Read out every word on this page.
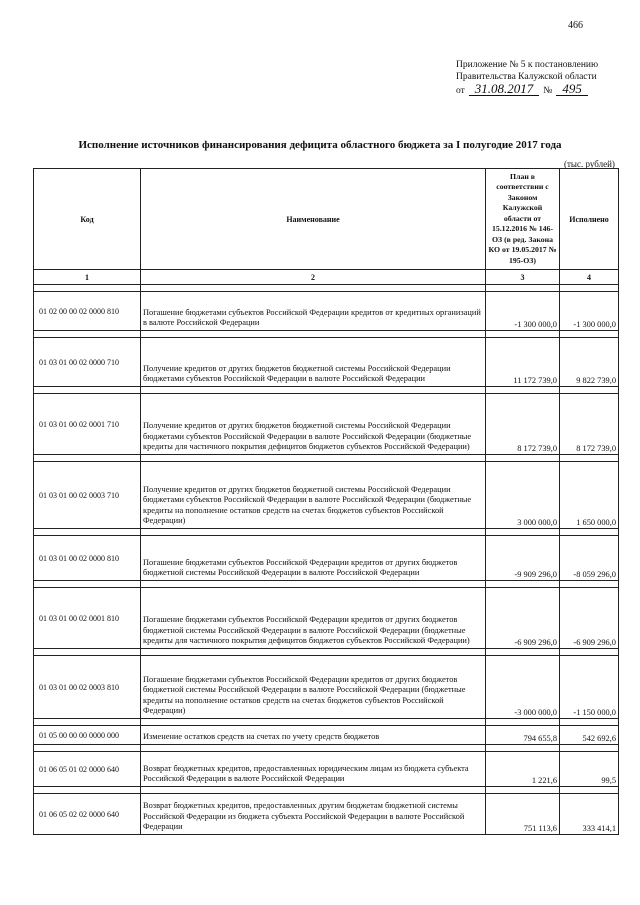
466
Приложение № 5 к постановлению
Правительства Калужской области
от 31.08.2017	№ 495
Исполнение источников финансирования дефицита областного бюджета за I полугодие 2017 года
(тыс. рублей)
Код	Наименование	План в соответствии с Законом Калужской области от 15.12.2016 № 146-ОЗ (в ред. Закона КО от 19.05.2017 № 195-ОЗ)	Исполнено
1	2	3	4

01 02 00 00 02 0000 810	Погашение бюджетами субъектов Российской Федерации кредитов от кредитных организаций в валюте Российской Федерации	-1 300 000,0	-1 300 000,0

01 03 01 00 02 0000 710	Получение кредитов от других бюджетов бюджетной системы Российской Федерации бюджетами субъектов Российской Федерации в валюте Российской Федерации	11 172 739,0	9 822 739,0

01 03 01 00 02 0001 710	Получение кредитов от других бюджетов бюджетной системы Российской Федерации бюджетами субъектов Российской Федерации в валюте Российской Федерации (бюджетные кредиты для частичного покрытия дефицитов бюджетов субъектов Российской Федерации)	8 172 739,0	8 172 739,0

01 03 01 00 02 0003 710	Получение кредитов от других бюджетов бюджетной системы Российской Федерации бюджетами субъектов Российской Федерации в валюте Российской Федерации (бюджетные кредиты на пополнение остатков средств на счетах бюджетов субъектов Российской Федерации)	3 000 000,0	1 650 000,0

01 03 01 00 02 0000 810	Погашение бюджетами субъектов Российской Федерации кредитов от других бюджетов бюджетной системы Российской Федерации в валюте Российской Федерации	-9 909 296,0	-8 059 296,0

01 03 01 00 02 0001 810	Погашение бюджетами субъектов Российской Федерации кредитов от других бюджетов бюджетной системы Российской Федерации в валюте Российской Федерации (бюджетные кредиты для частичного покрытия дефицитов бюджетов субъектов Российской Федерации)	-6 909 296,0	-6 909 296,0

01 03 01 00 02 0003 810	Погашение бюджетами субъектов Российской Федерации кредитов от других бюджетов бюджетной системы Российской Федерации в валюте Российской Федерации (бюджетные кредиты на пополнение остатков средств на счетах бюджетов субъектов Российской Федерации)	-3 000 000,0	-1 150 000,0

01 05 00 00 00 0000 000	Изменение остатков средств на счетах по учету средств бюджетов	794 655,8	542 692,6

01 06 05 01 02 0000 640	Возврат бюджетных кредитов, предоставленных юридическим лицам из бюджета субъекта Российской Федерации в валюте Российской Федерации	1 221,6	99,5

01 06 05 02 02 0000 640	Возврат бюджетных кредитов, предоставленных другим бюджетам бюджетной системы Российской Федерации из бюджета субъекта Российской Федерации в валюте Российской Федерации	751 113,6	333 414,1
